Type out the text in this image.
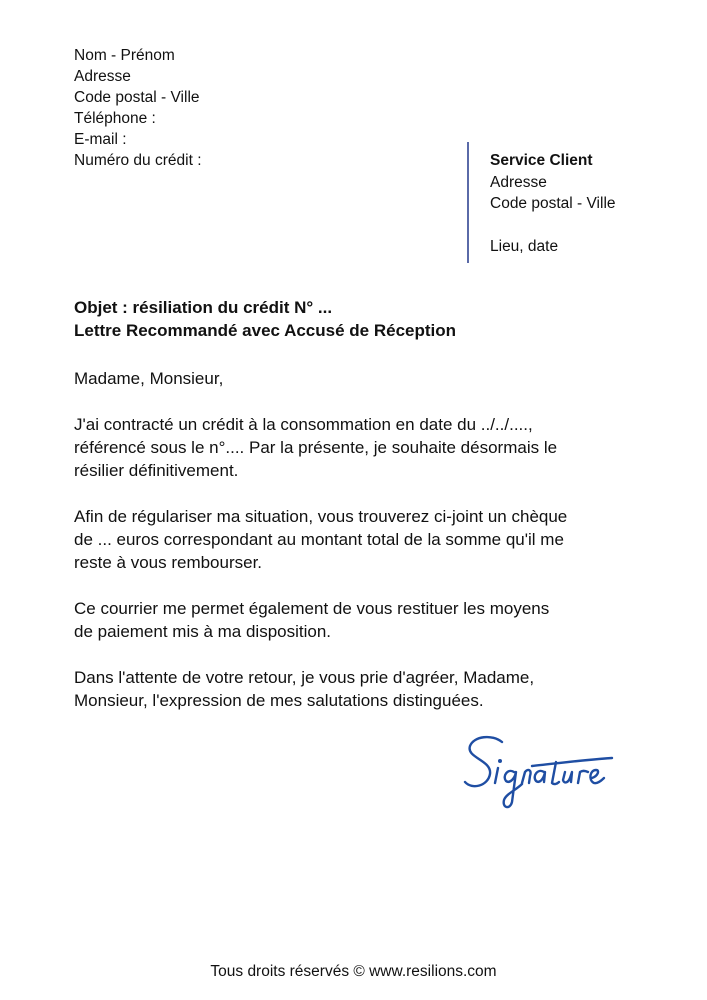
Nom - Prénom
Adresse
Code postal - Ville
Téléphone :
E-mail :
Numéro du crédit :	Service Client
Adresse
Code postal - Ville
Lieu, date
Objet : résiliation du crédit N° ...
Lettre Recommandé avec Accusé de Réception

Madame, Monsieur,

J'ai contracté un crédit à la consommation en date du ../../....,
référencé sous le n°.... Par la présente, je souhaite désormais le
résilier définitivement.

Afin de régulariser ma situation, vous trouverez ci-joint un chèque
de ... euros correspondant au montant total de la somme qu'il me
reste à vous rembourser.

Ce courrier me permet également de vous restituer les moyens
de paiement mis à ma disposition.

Dans l'attente de votre retour, je vous prie d'agréer, Madame,
Monsieur, l'expression de mes salutations distinguées.

Tous droits réservés © www.resilions.com
